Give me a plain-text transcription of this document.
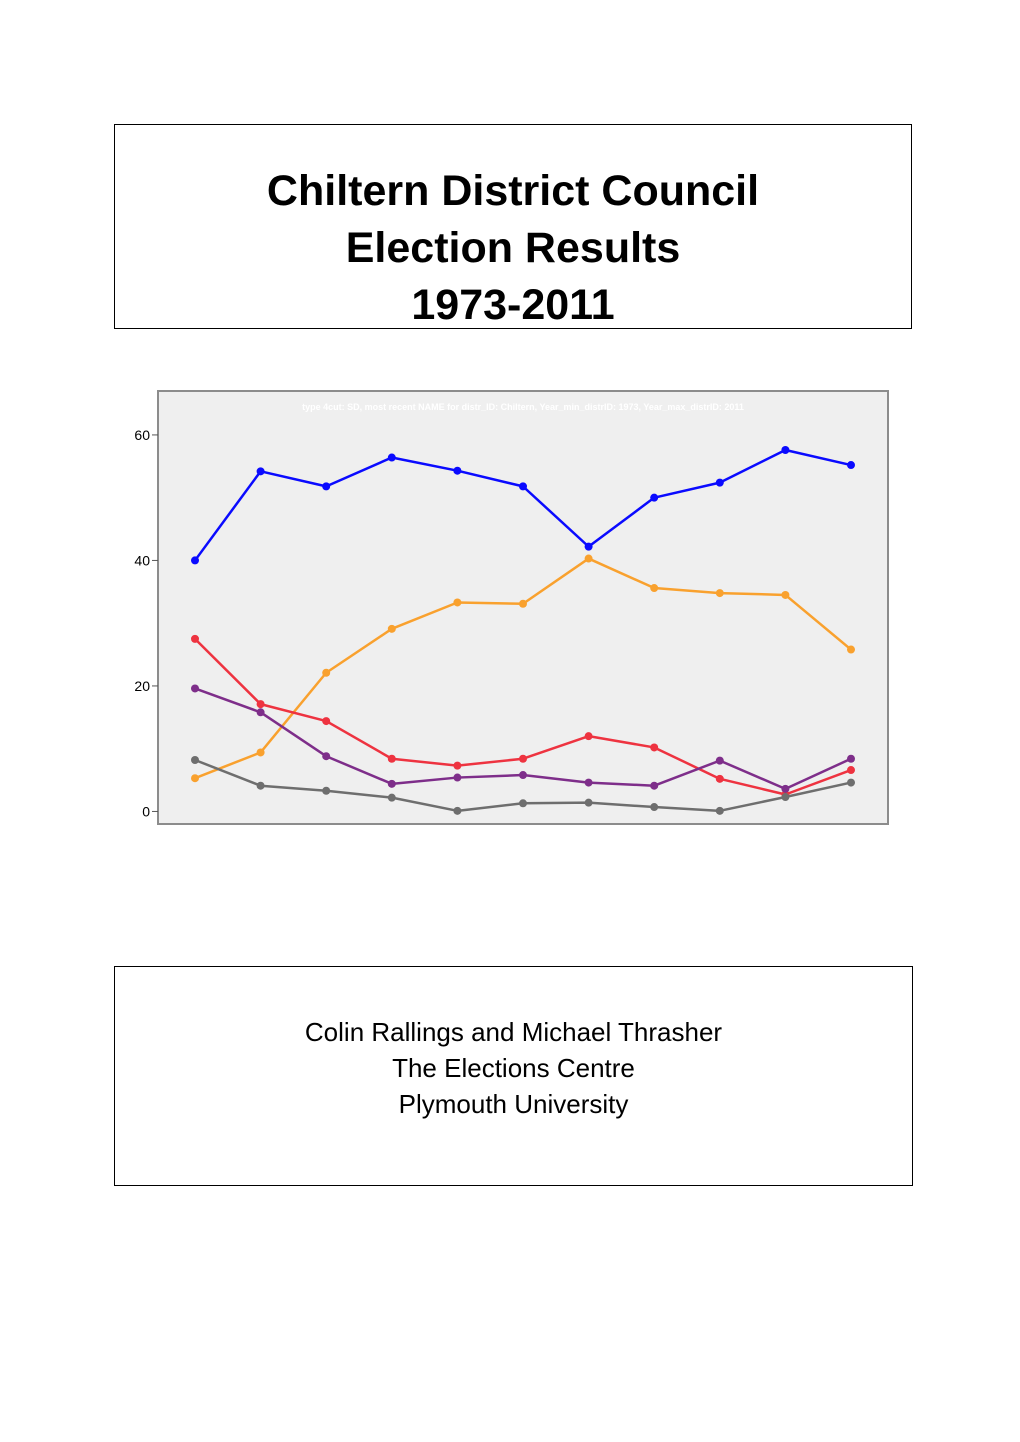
Chiltern District Council
Election Results
1973-2011
type 4cut: SD, most recent NAME for distr_ID: Chiltern, Year_min_distrID: 1973, Year_max_distrID: 2011
0
20
40
60
Colin Rallings and Michael Thrasher
The Elections Centre
Plymouth University
